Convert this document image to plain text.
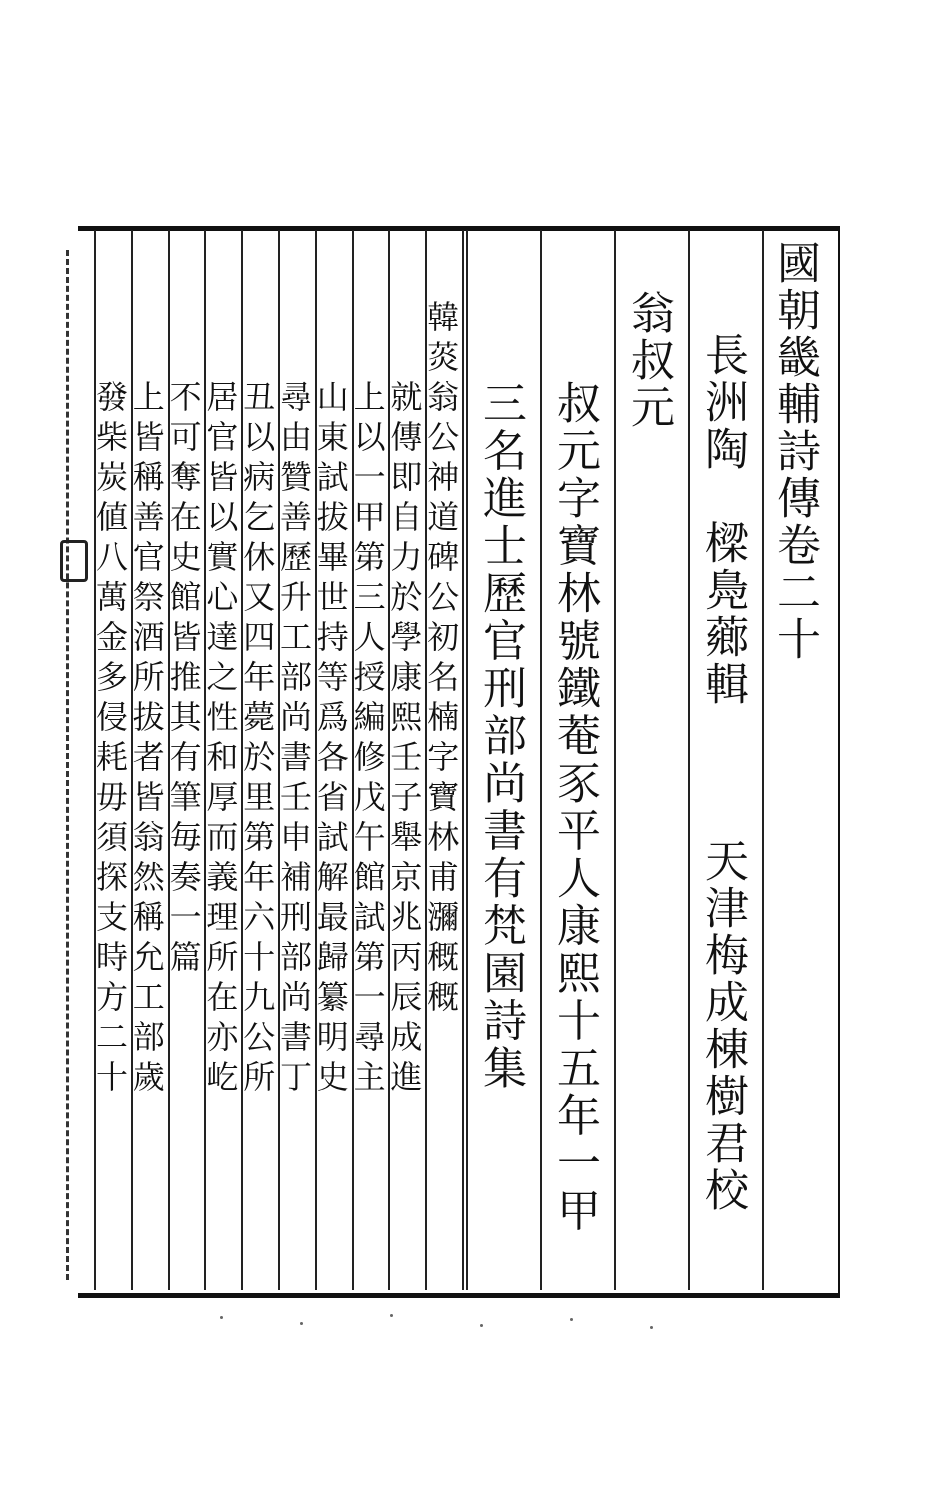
國朝畿輔詩傳卷二十
長洲陶　樑鳧薌輯
天津梅成棟樹君校
翁叔元
叔元字寶林號鐵菴豕平人康熙十五年一甲
三名進士歷官刑部尚書有梵園詩集
韓菼翁公神道碑公初名楠字寶林甫瀰穊穊
就傳即自力於學康熙壬子舉京兆丙辰成進
上以一甲第三人授編修戊午館試第一尋主
山東試拔畢世持等爲各省試解最歸纂明史
尋由贊善歷升工部尚書壬申補刑部尚書丁
丑以病乞休又四年薨於里第年六十九公所
居官皆以實心達之性和厚而義理所在亦屹
不可奪在史館皆推其有筆毎奏一篇
上皆稱善官祭酒所拔者皆翁然稱允工部歲
發柴炭値八萬金多侵耗毋須探支時方二十
